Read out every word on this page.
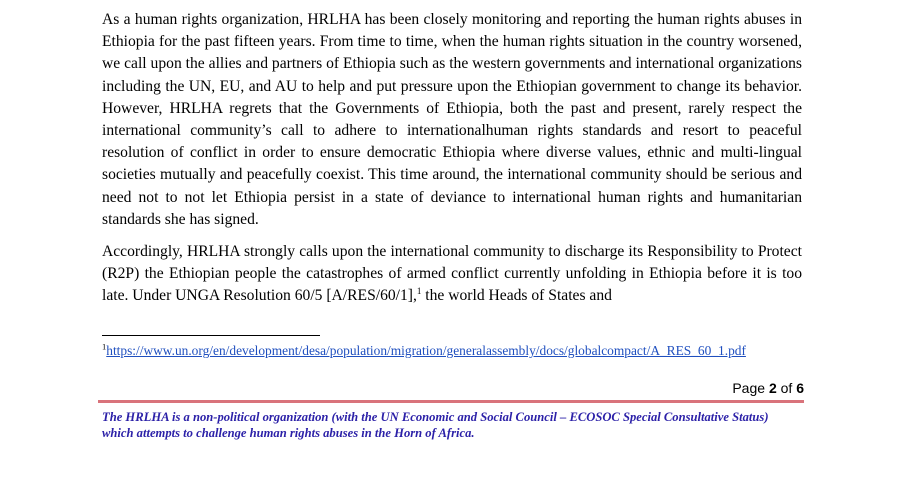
As a human rights organization, HRLHA has been closely monitoring and reporting the human rights abuses in Ethiopia for the past fifteen years. From time to time, when the human rights situation in the country worsened, we call upon the allies and partners of Ethiopia such as the western governments and international organizations including the UN, EU, and AU to help and put pressure upon the Ethiopian government to change its behavior. However, HRLHA regrets that the Governments of Ethiopia, both the past and present, rarely respect the international community’s call to adhere to internationalhuman rights standards and resort to peaceful resolution of conflict in order to ensure democratic Ethiopia where diverse values, ethnic and multi-lingual societies mutually and peacefully coexist. This time around, the international community should be serious and need not to not let Ethiopia persist in a state of deviance to international human rights and humanitarian standards she has signed.

Accordingly, HRLHA strongly calls upon the international community to discharge its Responsibility to Protect (R2P) the Ethiopian people the catastrophes of armed conflict currently unfolding in Ethiopia before it is too late. Under UNGA Resolution 60/5 [A/RES/60/1],$^1$ the world Heads of States and

$^1$https://www.un.org/en/development/desa/population/migration/generalassembly/docs/globalcompact/A_RES_60_1.pdf

Page 2 of 6

The HRLHA is a non-political organization (with the UN Economic and Social Council – ECOSOC Special Consultative Status) which attempts to challenge human rights abuses in the Horn of Africa.
